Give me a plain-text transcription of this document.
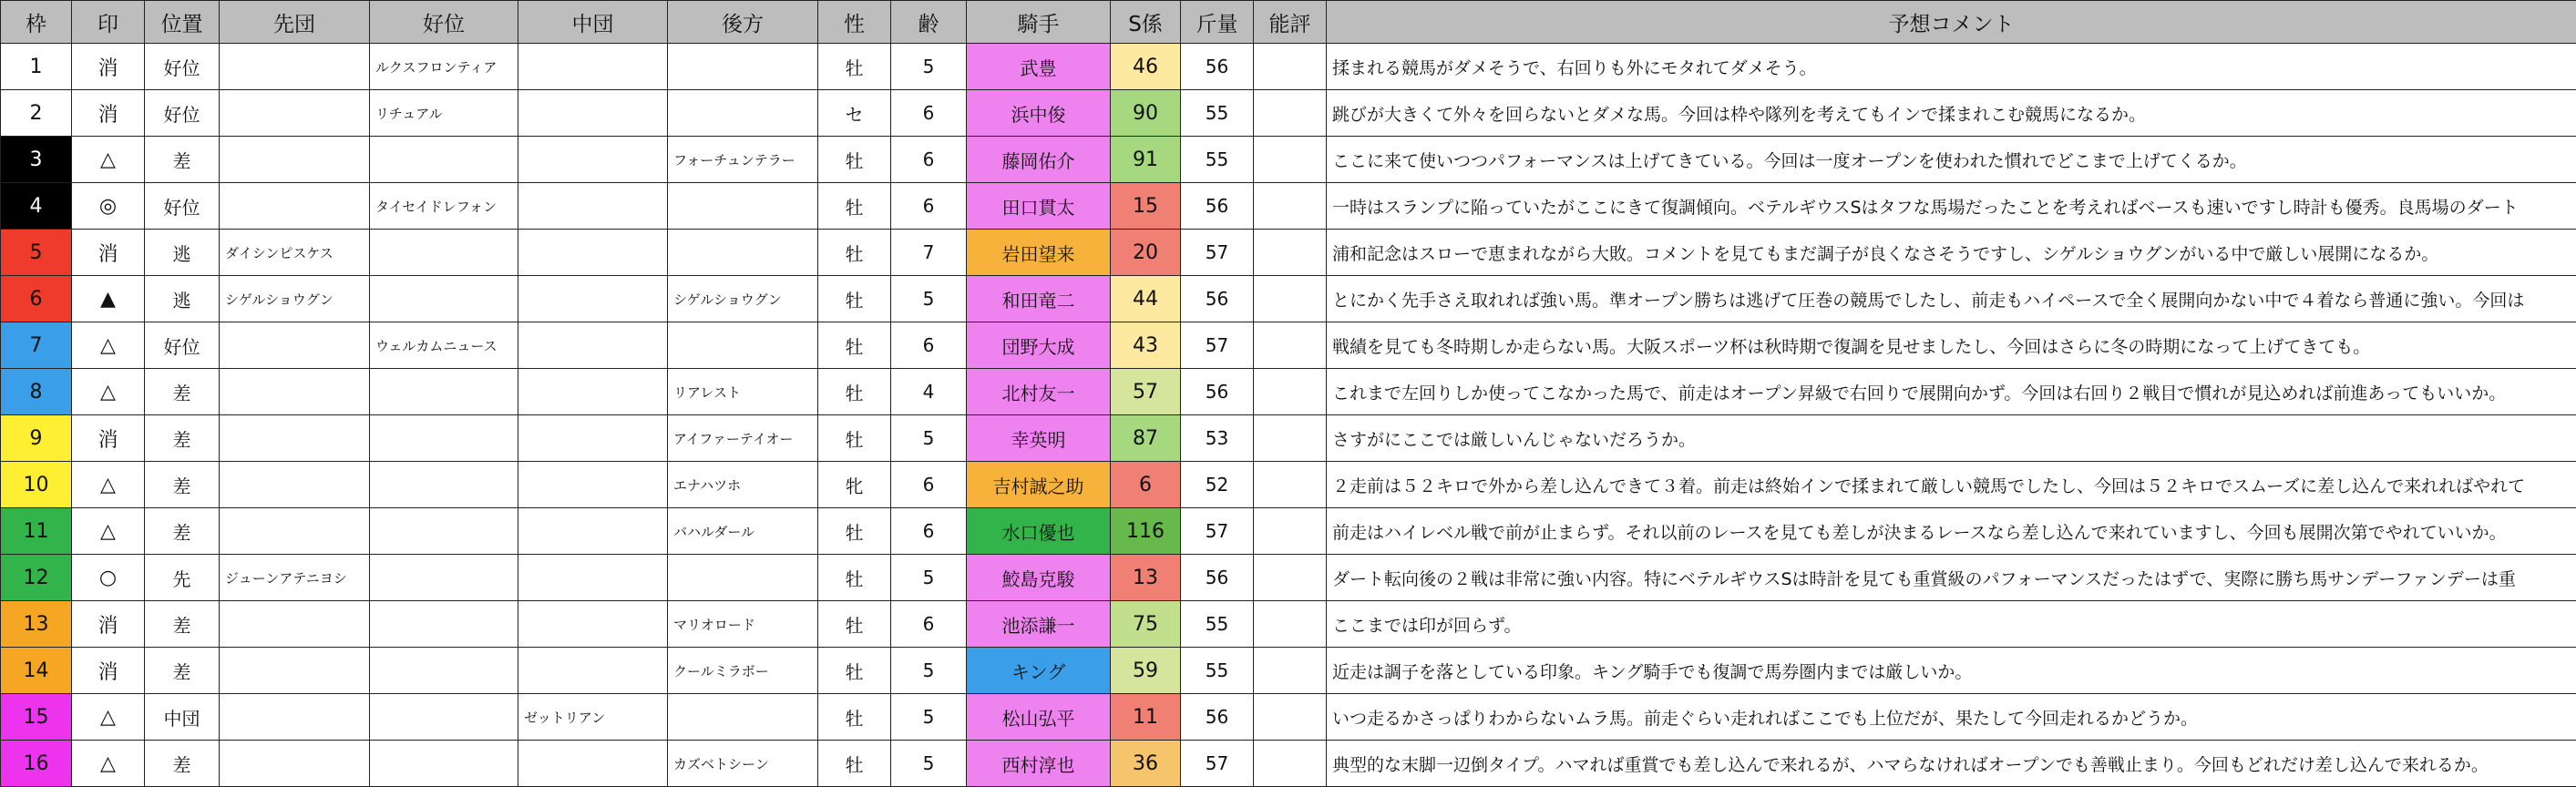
枠	印	位置	先団	好位	中団	後方	性	齢	騎手	S係	斤量	能評	予想コメント
1	消	好位		ルクスフロンティア			牡	5	武豊	46	56		揉まれる競馬がダメそうで、右回りも外にモタれてダメそう。
2	消	好位		リチュアル			セ	6	浜中俊	90	55		跳びが大きくて外々を回らないとダメな馬。今回は枠や隊列を考えてもインで揉まれこむ競馬になるか。
3	△	差				フォーチュンテラー	牡	6	藤岡佑介	91	55		ここに来て使いつつパフォーマンスは上げてきている。今回は一度オープンを使われた慣れでどこまで上げてくるか。
4	◎	好位		タイセイドレフォン			牡	6	田口貫太	15	56		一時はスランプに陥っていたがここにきて復調傾向。ベテルギウスSはタフな馬場だったことを考えればベースも速いですし時計も優秀。良馬場のダート
5	消	逃	ダイシンピスケス				牡	7	岩田望来	20	57		浦和記念はスローで恵まれながら大敗。コメントを見てもまだ調子が良くなさそうですし、シゲルショウグンがいる中で厳しい展開になるか。
6	▲	逃	シゲルショウグン			シゲルショウグン	牡	5	和田竜二	44	56		とにかく先手さえ取れれば強い馬。準オープン勝ちは逃げて圧巻の競馬でしたし、前走もハイペースで全く展開向かない中で４着なら普通に強い。今回は
7	△	好位		ウェルカムニュース			牡	6	団野大成	43	57		戦績を見ても冬時期しか走らない馬。大阪スポーツ杯は秋時期で復調を見せましたし、今回はさらに冬の時期になって上げてきても。
8	△	差				リアレスト	牡	4	北村友一	57	56		これまで左回りしか使ってこなかった馬で、前走はオープン昇級で右回りで展開向かず。今回は右回り２戦目で慣れが見込めれば前進あってもいいか。
9	消	差				アイファーテイオー	牡	5	幸英明	87	53		さすがにここでは厳しいんじゃないだろうか。
10	△	差				エナハツホ	牝	6	吉村誠之助	6	52		２走前は５２キロで外から差し込んできて３着。前走は終始インで揉まれて厳しい競馬でしたし、今回は５２キロでスムーズに差し込んで来れればやれて
11	△	差				バハルダール	牡	6	水口優也	116	57		前走はハイレベル戦で前が止まらず。それ以前のレースを見ても差しが決まるレースなら差し込んで来れていますし、今回も展開次第でやれていいか。
12	○	先	ジューンアテニヨシ				牡	5	鮫島克駿	13	56		ダート転向後の２戦は非常に強い内容。特にベテルギウスSは時計を見ても重賞級のパフォーマンスだったはずで、実際に勝ち馬サンデーファンデーは重
13	消	差				マリオロード	牡	6	池添謙一	75	55		ここまでは印が回らず。
14	消	差				クールミラボー	牡	5	キング	59	55		近走は調子を落としている印象。キング騎手でも復調で馬券圏内までは厳しいか。
15	△	中団			ゼットリアン		牡	5	松山弘平	11	56		いつ走るかさっぱりわからないムラ馬。前走ぐらい走れればここでも上位だが、果たして今回走れるかどうか。
16	△	差				カズベトシーン	牡	5	西村淳也	36	57		典型的な末脚一辺倒タイプ。ハマれば重賞でも差し込んで来れるが、ハマらなければオープンでも善戦止まり。今回もどれだけ差し込んで来れるか。
